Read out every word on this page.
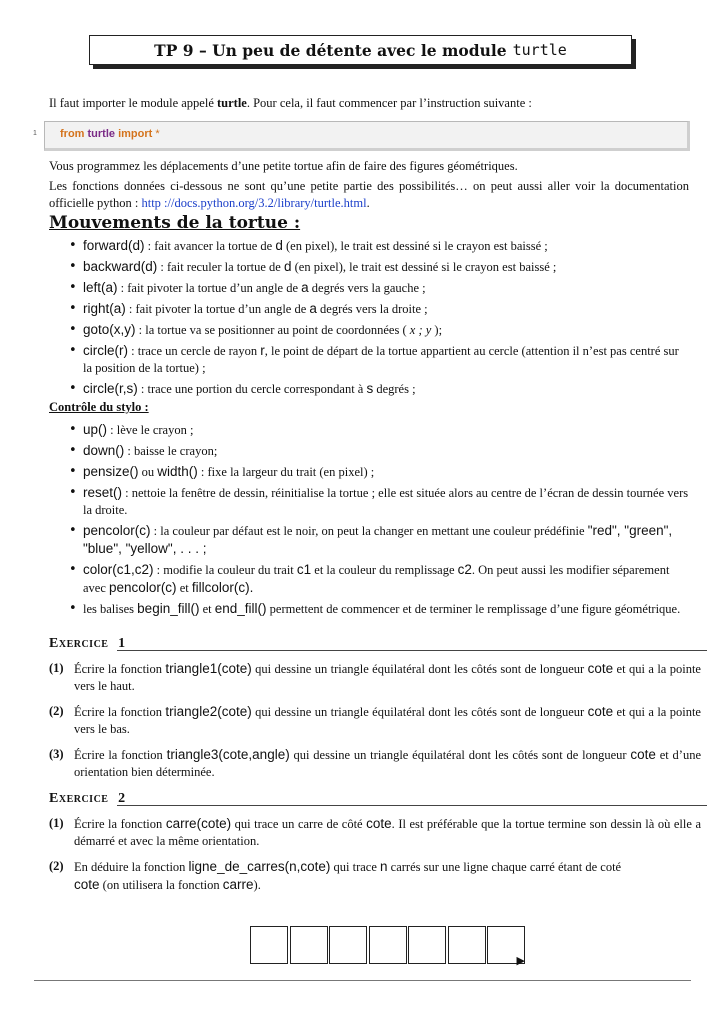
TP 9 – Un peu de détente avec le module turtle
Il faut importer le module appelé turtle. Pour cela, il faut commencer par l’instruction suivante :
1 from turtle import *
Vous programmez les déplacements d’une petite tortue afin de faire des figures géométriques.
Les fonctions données ci-dessous ne sont qu’une petite partie des possibilités… on peut aussi aller voir la documentation officielle python : http ://docs.python.org/3.2/library/turtle.html.
Mouvements de la tortue :
• forward(d) : fait avancer la tortue de d (en pixel), le trait est dessiné si le crayon est baissé ;
• backward(d) : fait reculer la tortue de d (en pixel), le trait est dessiné si le crayon est baissé ;
• left(a) : fait pivoter la tortue d’un angle de a degrés vers la gauche ;
• right(a) : fait pivoter la tortue d’un angle de a degrés vers la droite ;
• goto(x,y) : la tortue va se positionner au point de coordonnées ( x ; y );
• circle(r) : trace un cercle de rayon r, le point de départ de la tortue appartient au cercle (attention il n’est pas centré sur la position de la tortue) ;
• circle(r,s) : trace une portion du cercle correspondant à s degrés ;
Contrôle du stylo :
• up() : lève le crayon ;
• down() : baisse le crayon;
• pensize() ou width() : fixe la largeur du trait (en pixel) ;
• reset() : nettoie la fenêtre de dessin, réinitialise la tortue ; elle est située alors au centre de l’écran de dessin tournée vers la droite.
• pencolor(c) : la couleur par défaut est le noir, on peut la changer en mettant une couleur prédéfinie "red", "green", "blue", "yellow", . . . ;
• color(c1,c2) : modifie la couleur du trait c1 et la couleur du remplissage c2. On peut aussi les modifier séparement avec pencolor(c) et fillcolor(c).
• les balises begin_fill() et end_fill() permettent de commencer et de terminer le remplissage d’une figure géométrique.
EXERCICE 1
(1) Écrire la fonction triangle1(cote) qui dessine un triangle équilatéral dont les côtés sont de longueur cote et qui a la pointe vers le haut.
(2) Écrire la fonction triangle2(cote) qui dessine un triangle équilatéral dont les côtés sont de longueur cote et qui a la pointe vers le bas.
(3) Écrire la fonction triangle3(cote,angle) qui dessine un triangle équilatéral dont les côtés sont de longueur cote et d’une orientation bien déterminée.
EXERCICE 2
(1) Écrire la fonction carre(cote) qui trace un carre de côté cote. Il est préférable que la tortue termine son dessin là où elle a démarré et avec la même orientation.
(2) En déduire la fonction ligne_de_carres(n,cote) qui trace n carrés sur une ligne chaque carré étant de coté
cote (on utilisera la fonction carre).
▶
